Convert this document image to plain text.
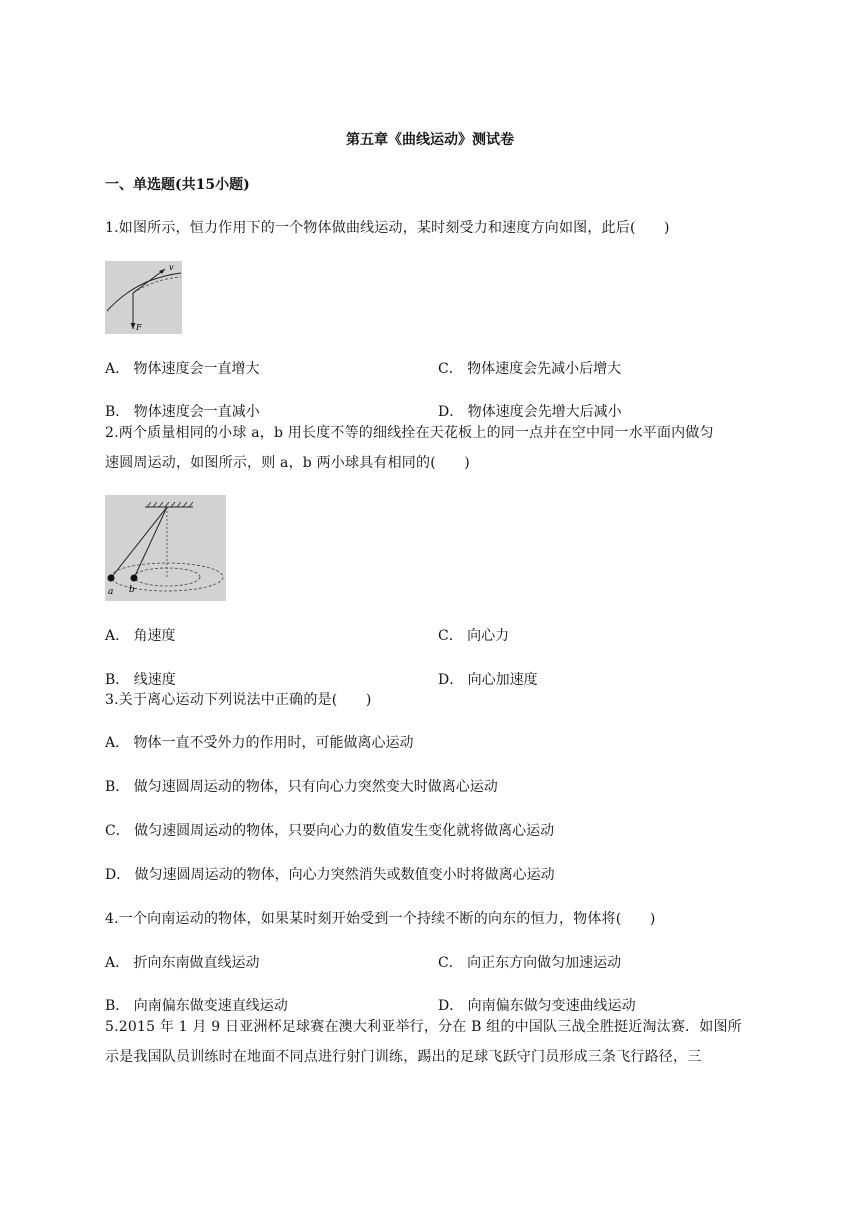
第五章《曲线运动》测试卷
一、单选题(共15小题)
1.如图所示，恒力作用下的一个物体做曲线运动，某时刻受力和速度方向如图，此后(　　)
v
F
A． 物体速度会一直增大	C． 物体速度会先减小后增大
B． 物体速度会一直减小	D． 物体速度会先增大后减小
2.两个质量相同的小球 a，b 用长度不等的细线拴在天花板上的同一点并在空中同一水平面内做匀
速圆周运动，如图所示，则 a，b 两小球具有相同的(　　)
a b
A． 角速度	C． 向心力
B． 线速度	D． 向心加速度
3.关于离心运动下列说法中正确的是(　　)
A． 物体一直不受外力的作用时，可能做离心运动
B． 做匀速圆周运动的物体，只有向心力突然变大时做离心运动
C． 做匀速圆周运动的物体，只要向心力的数值发生变化就将做离心运动
D． 做匀速圆周运动的物体，向心力突然消失或数值变小时将做离心运动
4.一个向南运动的物体，如果某时刻开始受到一个持续不断的向东的恒力，物体将(　　)
A． 折向东南做直线运动	C． 向正东方向做匀加速运动
B． 向南偏东做变速直线运动	D． 向南偏东做匀变速曲线运动
5.2015 年 1 月 9 日亚洲杯足球赛在澳大利亚举行，分在 B 组的中国队三战全胜挺近淘汰赛．如图所
示是我国队员训练时在地面不同点进行射门训练，踢出的足球飞跃守门员形成三条飞行路径，三
